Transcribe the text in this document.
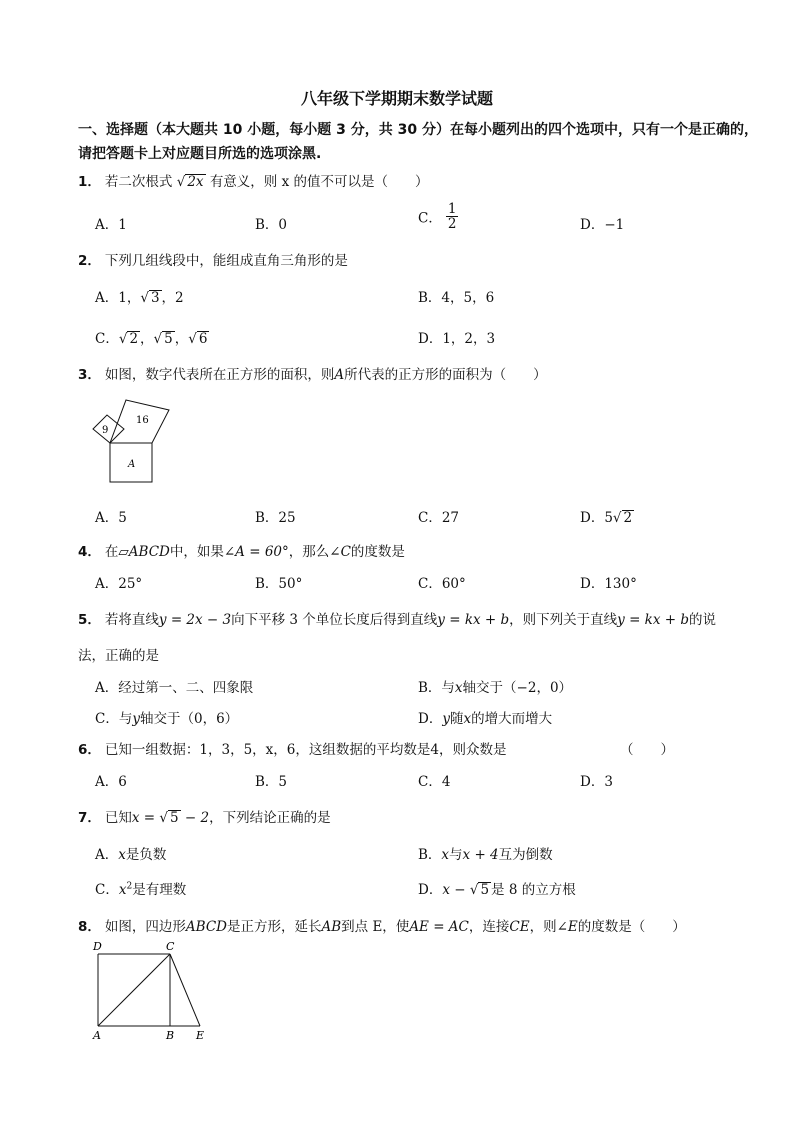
八年级下学期期末数学试题
一、选择题（本大题共 10 小题，每小题 3 分，共 30 分）在每小题列出的四个选项中，只有一个是正确的，请把答题卡上对应题目所选的选项涂黑.
1． 若二次根式 √ 2x 有意义，则 x 的值不可以是（　　）
A．1	B．0	C． $\frac{1}{2}$	D．−1
2． 下列几组线段中，能组成直角三角形的是
A．1，√ 3 ，2	B．4，5，6
C．√ 2 ，√ 5 ，√ 6	D．1，2，3
3． 如图，数字代表所在正方形的面积，则A所代表的正方形的面积为（　　）
9
16
A
A．5	B．25	C．27	D．5√ 2
4． 在▱ABCD中，如果∠A = 60°，那么∠C的度数是
A．25°	B．50°	C．60°	D．130°
5． 若将直线y = 2x − 3向下平移 3 个单位长度后得到直线y = kx + b，则下列关于直线y = kx + b的说
法，正确的是
A．经过第一、二、四象限	B．与x轴交于（−2，0）
C．与y轴交于（0，6）	D．y随x的增大而增大
6． 已知一组数据：1，3，5，x，6，这组数据的平均数是4，则众数是	（　　）
A．6	B．5	C．4	D．3
7． 已知x = √ 5 − 2，下列结论正确的是
A．x是负数	B．x与x + 4互为倒数
C．$x^2$是有理数	D．x − √ 5 是 8 的立方根
8． 如图，四边形ABCD是正方形，延长AB到点 E，使AE = AC，连接CE，则∠E的度数是（　　）
D	C
A	B E
